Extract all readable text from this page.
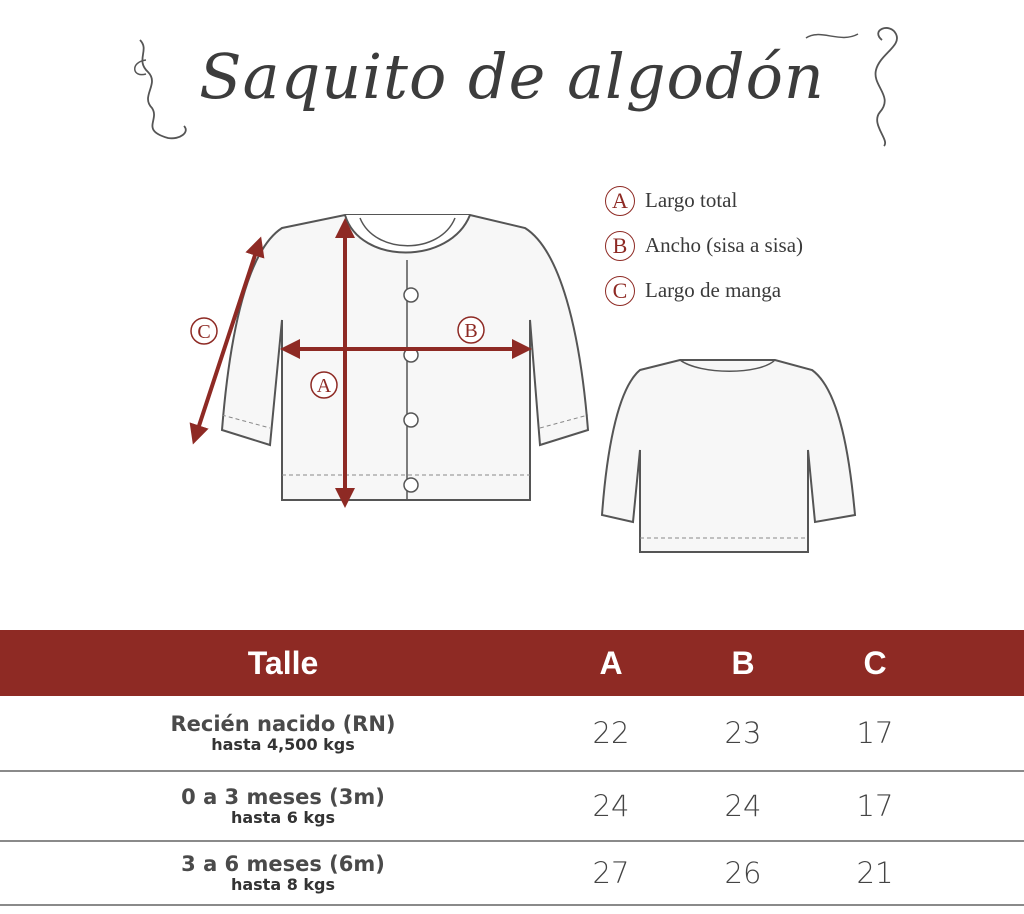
Saquito de algodón
A
B
C
A Largo total
B Ancho (sisa a sisa)
C Largo de manga
Talle	A	B	C	

Recién nacido (RN)
hasta 4,500 kgs	22	23	17	

0 a 3 meses (3m)
hasta 6 kgs	24	24	17	

3 a 6 meses (6m)
hasta 8 kgs	27	26	21	
